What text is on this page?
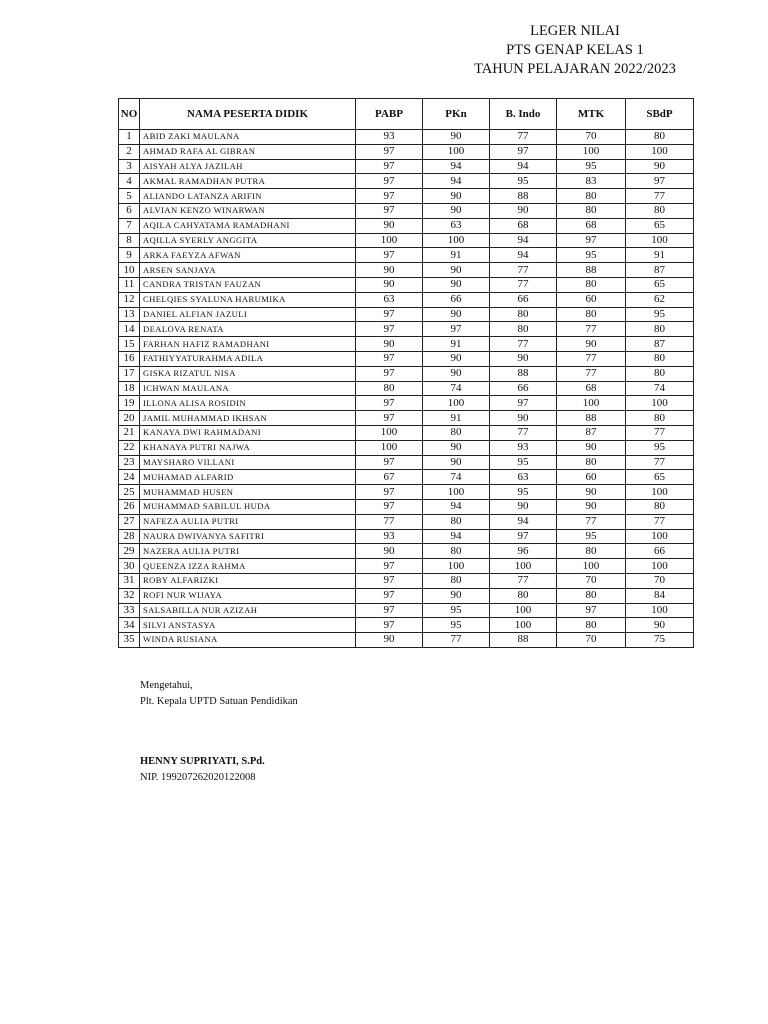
LEGER NILAI
PTS GENAP KELAS 1
TAHUN PELAJARAN 2022/2023
NO	NAMA PESERTA DIDIK	PABP	PKn	B. Indo	MTK	SBdP
1	ABID ZAKI MAULANA	93	90	77	70	80
2	AHMAD RAFA AL GIBRAN	97	100	97	100	100
3	AISYAH ALYA JAZILAH	97	94	94	95	90
4	AKMAL RAMADHAN PUTRA	97	94	95	83	97
5	ALIANDO LATANZA ARIFIN	97	90	88	80	77
6	ALVIAN KENZO WINARWAN	97	90	90	80	80
7	AQILA CAHYATAMA RAMADHANI	90	63	68	68	65
8	AQILLA SYERLY ANGGITA	100	100	94	97	100
9	ARKA FAEYZA AFWAN	97	91	94	95	91
10	ARSEN SANJAYA	90	90	77	88	87
11	CANDRA TRISTAN FAUZAN	90	90	77	80	65
12	CHELQIES SYALUNA HARUMIKA	63	66	66	60	62
13	DANIEL ALFIAN JAZULI	97	90	80	80	95
14	DEALOVA RENATA	97	97	80	77	80
15	FARHAN HAFIZ RAMADHANI	90	91	77	90	87
16	FATHIYYATURAHMA ADILA	97	90	90	77	80
17	GISKA RIZATUL NISA	97	90	88	77	80
18	ICHWAN MAULANA	80	74	66	68	74
19	ILLONA ALISA ROSIDIN	97	100	97	100	100
20	JAMIL MUHAMMAD IKHSAN	97	91	90	88	80
21	KANAYA DWI RAHMADANI	100	80	77	87	77
22	KHANAYA PUTRI NAJWA	100	90	93	90	95
23	MAYSHARO VILLANI	97	90	95	80	77
24	MUHAMAD ALFARID	67	74	63	60	65
25	MUHAMMAD HUSEN	97	100	95	90	100
26	MUHAMMAD SABILUL HUDA	97	94	90	90	80
27	NAFEZA AULIA PUTRI	77	80	94	77	77
28	NAURA DWIVANYA SAFITRI	93	94	97	95	100
29	NAZERA AULIA PUTRI	90	80	96	80	66
30	QUEENZA IZZA RAHMA	97	100	100	100	100
31	ROBY ALFARIZKI	97	80	77	70	70
32	ROFI NUR WIJAYA	97	90	80	80	84
33	SALSABILLA NUR AZIZAH	97	95	100	97	100
34	SILVI ANSTASYA	97	95	100	80	90
35	WINDA RUSIANA	90	77	88	70	75
Mengetahui,
Plt. Kepala UPTD Satuan Pendidikan
HENNY SUPRIYATI, S.Pd.
NIP. 199207262020122008
